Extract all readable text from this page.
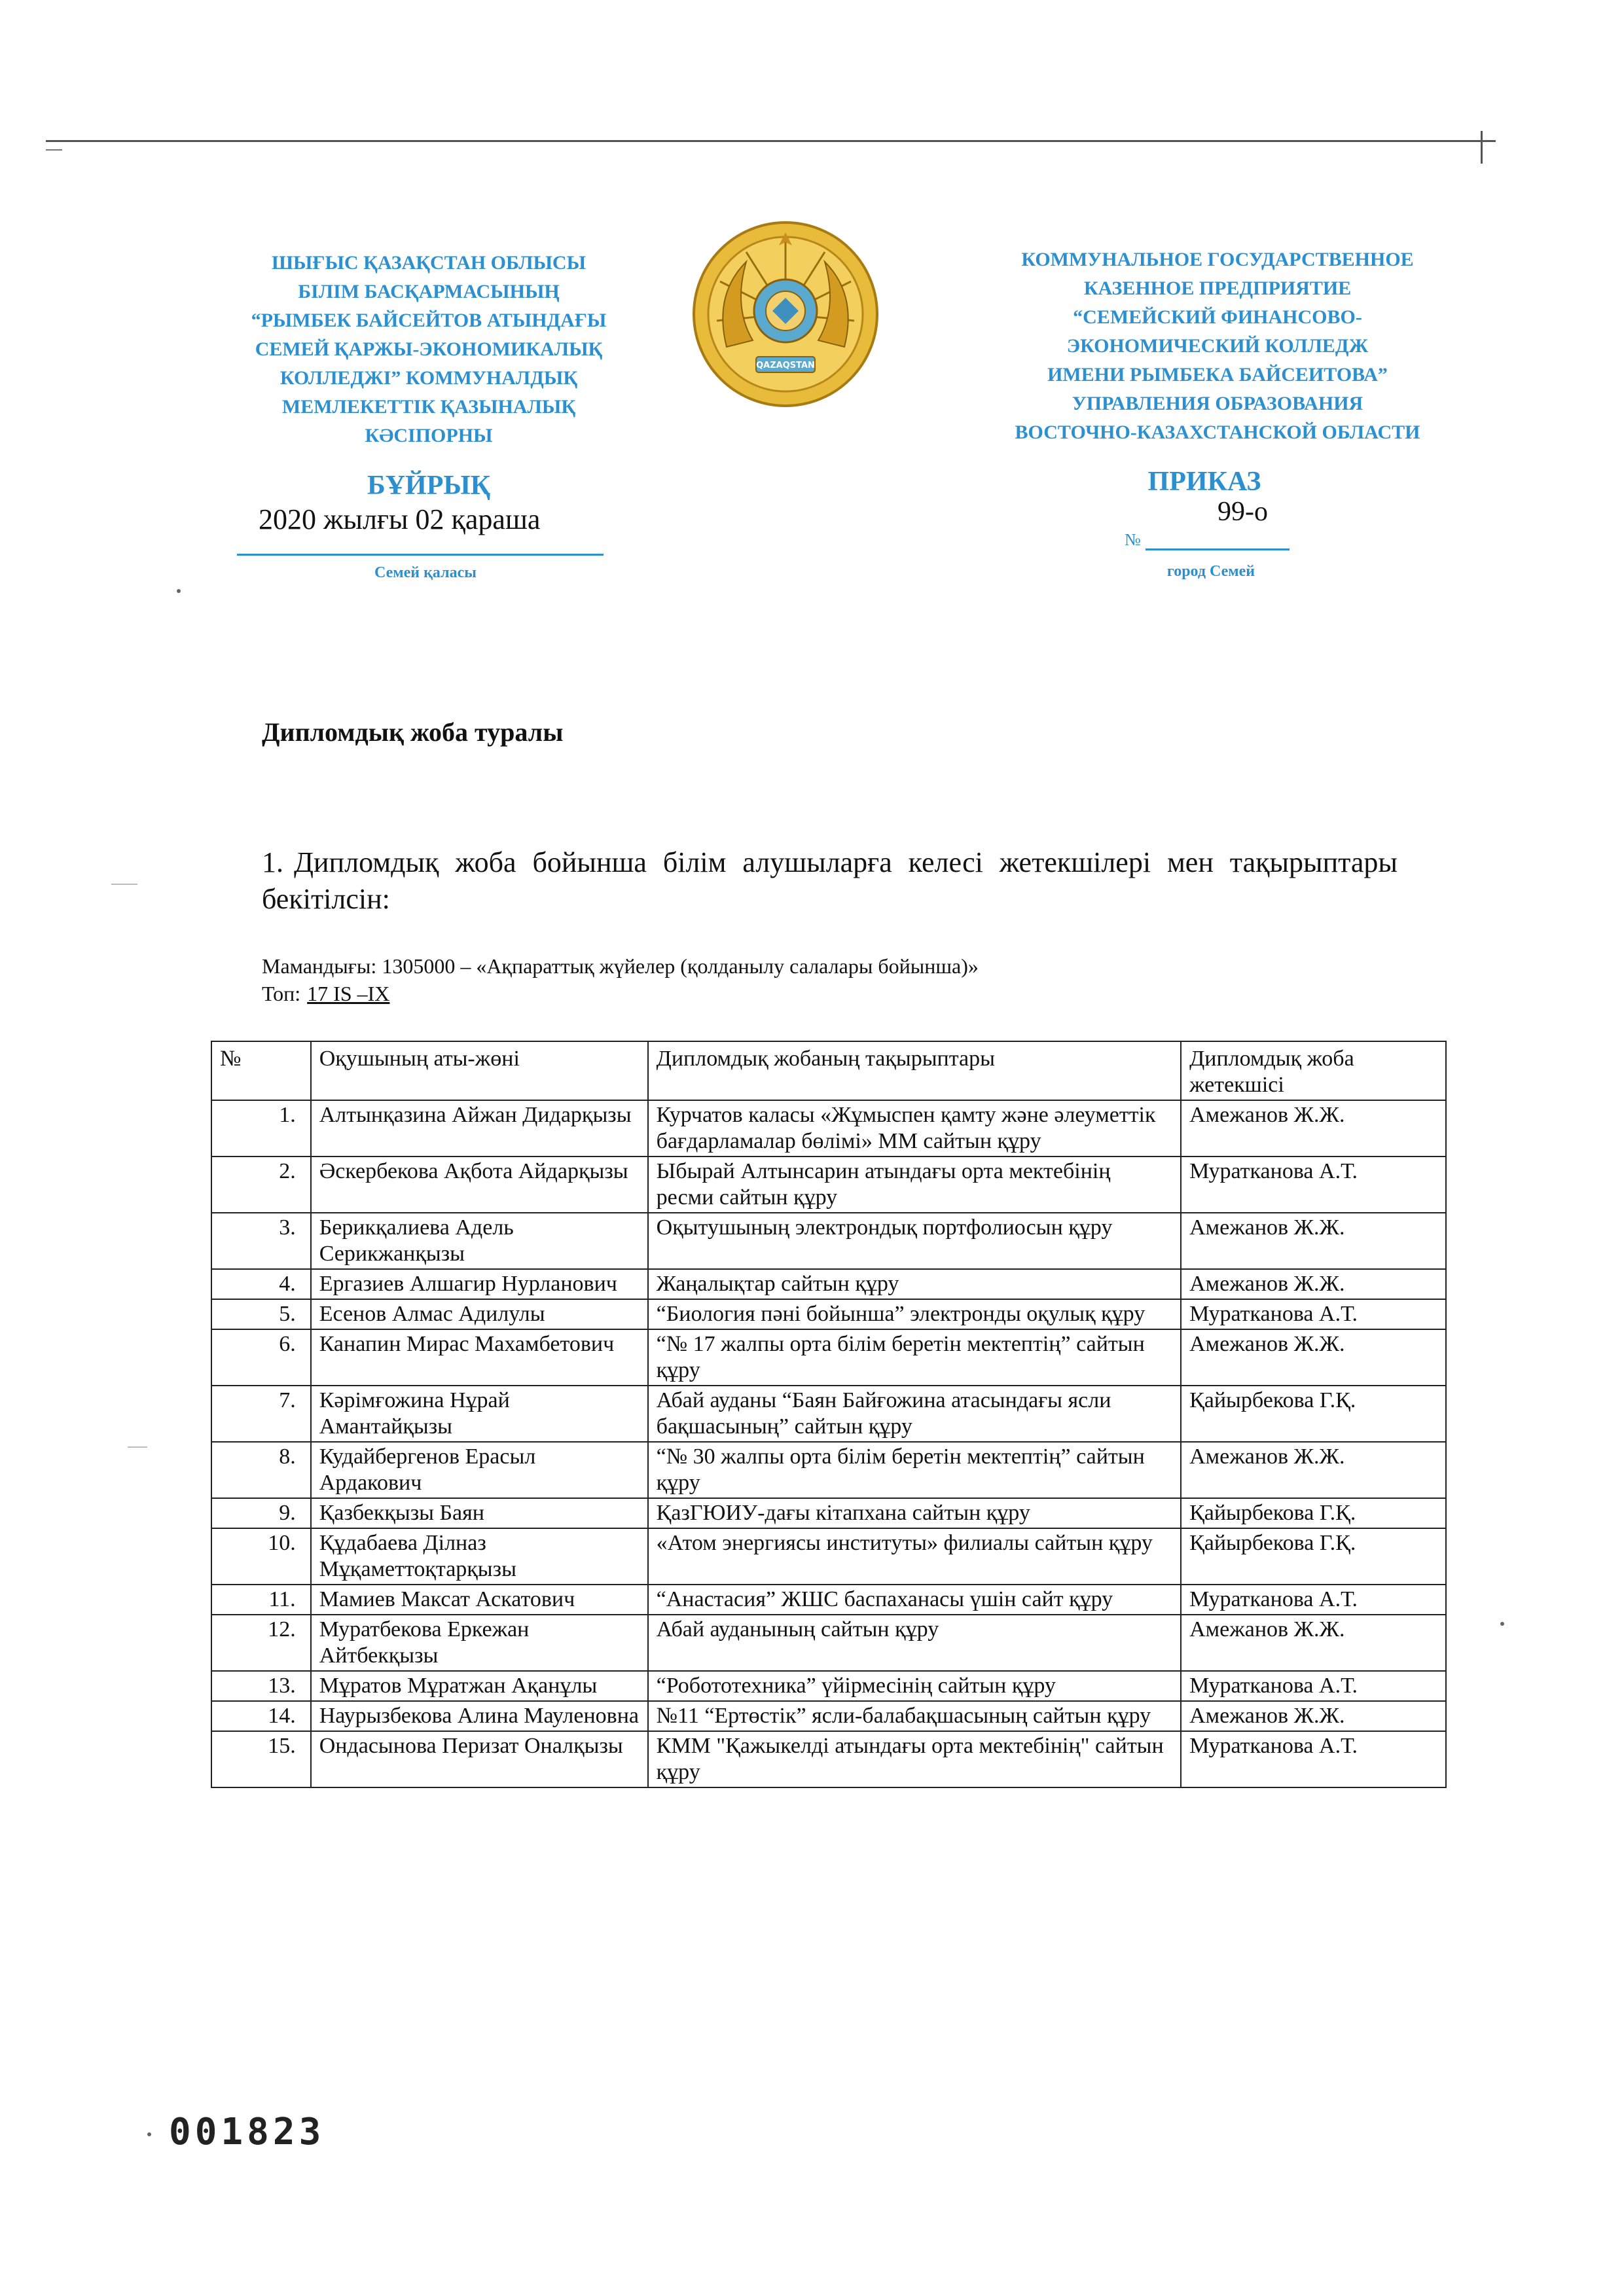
ШЫҒЫС ҚАЗАҚСТАН ОБЛЫСЫ
БІЛІМ БАСҚАРМАСЫНЫҢ
“РЫМБЕК БАЙСЕЙТОВ АТЫНДАҒЫ
СЕМЕЙ ҚАРЖЫ-ЭКОНОМИКАЛЫҚ
КОЛЛЕДЖІ” КОММУНАЛДЫҚ
МЕМЛЕКЕТТІК ҚАЗЫНАЛЫҚ
КӘСІПОРНЫ
QAZAQSTAN
КОММУНАЛЬНОЕ ГОСУДАРСТВЕННОЕ
КАЗЕННОЕ ПРЕДПРИЯТИЕ
“СЕМЕЙСКИЙ ФИНАНСОВО-
ЭКОНОМИЧЕСКИЙ КОЛЛЕДЖ
ИМЕНИ РЫМБЕКА БАЙСЕИТОВА”
УПРАВЛЕНИЯ ОБРАЗОВАНИЯ
ВОСТОЧНО-КАЗАХСТАНСКОЙ ОБЛАСТИ
БҰЙРЫҚ
2020 жылғы 02 қараша
Семей қаласы
ПРИКАЗ
99-о
№
город Семей
Дипломдық жоба туралы
1. Дипломдық жоба бойынша білім алушыларға келесі жетекшілері мен тақырыптары бекітілсін:
Мамандығы: 1305000 – «Ақпараттық жүйелер (қолданылу салалары бойынша)»
Топ: 17 IS –IX
№	Оқушының аты-жөні	Дипломдық жобаның тақырыптары	Дипломдық жоба жетекшісі
1.	Алтынқазина Айжан Дидарқызы	Курчатов каласы «Жұмыспен қамту және әлеуметтік бағдарламалар бөлімі» ММ сайтын құру	Амежанов Ж.Ж.
2.	Әскербекова Ақбота Айдарқызы	Ыбырай Алтынсарин атындағы орта мектебінің ресми сайтын құру	Муратканова А.Т.
3.	Берикқалиева Адель Серикжанқызы	Оқытушының электрондық портфолиосын құру	Амежанов Ж.Ж.
4.	Ергазиев Алшагир Нурланович	Жаңалықтар сайтын құру	Амежанов Ж.Ж.
5.	Есенов Алмас Адилулы	“Биология пәні бойынша” электронды оқулық құру	Муратканова А.Т.
6.	Канапин Мирас Махамбетович	“№ 17 жалпы орта білім беретін мектептің” сайтын құру	Амежанов Ж.Ж.
7.	Кәрімғожина Нұрай Амантайқызы	Абай ауданы “Баян Байғожина атасындағы ясли бақшасының” сайтын құру	Қайырбекова Г.Қ.
8.	Кудайбергенов Ерасыл Ардакович	“№ 30 жалпы орта білім беретін мектептің” сайтын құру	Амежанов Ж.Ж.
9.	Қазбекқызы Баян	ҚазГЮИУ-дағы кітапхана сайтын құру	Қайырбекова Г.Қ.
10.	Құдабаева Ділназ Мұқаметтоқтарқызы	«Атом энергиясы институты» филиалы сайтын құру	Қайырбекова Г.Қ.
11.	Мамиев Максат Аскатович	“Анастасия” ЖШС баспаханасы үшін сайт құру	Муратканова А.Т.
12.	Муратбекова Еркежан Айтбекқызы	Абай ауданының сайтын құру	Амежанов Ж.Ж.
13.	Мұратов Мұратжан Ақанұлы	“Робототехника” үйірмесінің сайтын құру	Муратканова А.Т.
14.	Наурызбекова Алина Мауленовна	№11 “Ертөстік” ясли-балабақшасының сайтын құру	Амежанов Ж.Ж.
15.	Ондасынова Перизат Оналқызы	КММ "Қажыкелді атындағы орта мектебінің" сайтын құру	Муратканова А.Т.
001823
